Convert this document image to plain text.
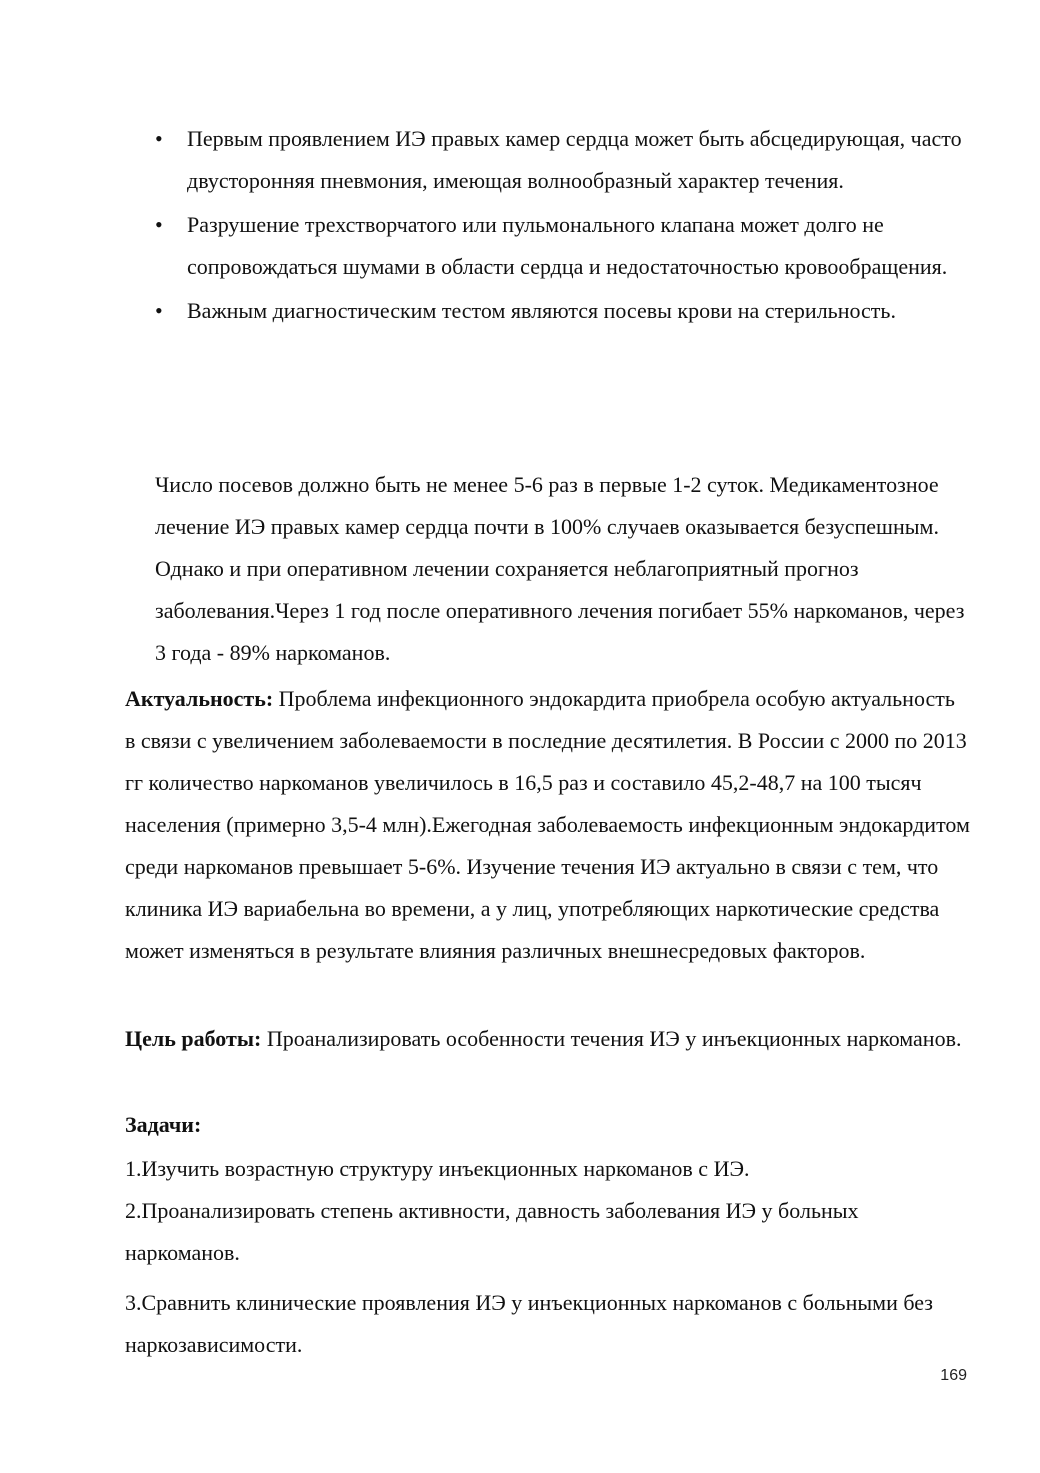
• Первым проявлением ИЭ правых камер сердца может быть абсцедирующая, часто двусторонняя пневмония, имеющая волнообразный характер течения.
• Разрушение трехстворчатого или пульмонального клапана может долго не сопровождаться шумами в области сердца и недостаточностью кровообращения.
• Важным диагностическим тестом являются посевы крови на стерильность.

Число посевов должно быть не менее 5-6 раз в первые 1-2 суток. Медикаментозное лечение ИЭ правых камер сердца почти в 100% случаев оказывается безуспешным. Однако и при оперативном лечении сохраняется неблагоприятный прогноз заболевания.Через 1 год после оперативного лечения погибает 55% наркоманов, через 3 года - 89% наркоманов.

Актуальность: Проблема инфекционного эндокардита приобрела особую актуальность в связи с увеличением заболеваемости в последние десятилетия. В России с 2000 по 2013 гг количество наркоманов увеличилось в 16,5 раз и составило 45,2-48,7 на 100 тысяч населения (примерно 3,5-4 млн).Ежегодная заболеваемость инфекционным эндокардитом среди наркоманов превышает 5-6%. Изучение течения ИЭ актуально в связи с тем, что клиника ИЭ вариабельна во времени, а у лиц, употребляющих наркотические средства может изменяться в результате влияния различных внешнесредовых факторов.

Цель работы: Проанализировать особенности течения ИЭ у инъекционных наркоманов.

Задачи:

1.Изучить возрастную структуру инъекционных наркоманов с ИЭ.

2.Проанализировать степень активности, давность заболевания ИЭ у больных наркоманов.

3.Сравнить клинические проявления ИЭ у инъекционных наркоманов с больными без наркозависимости.

169
